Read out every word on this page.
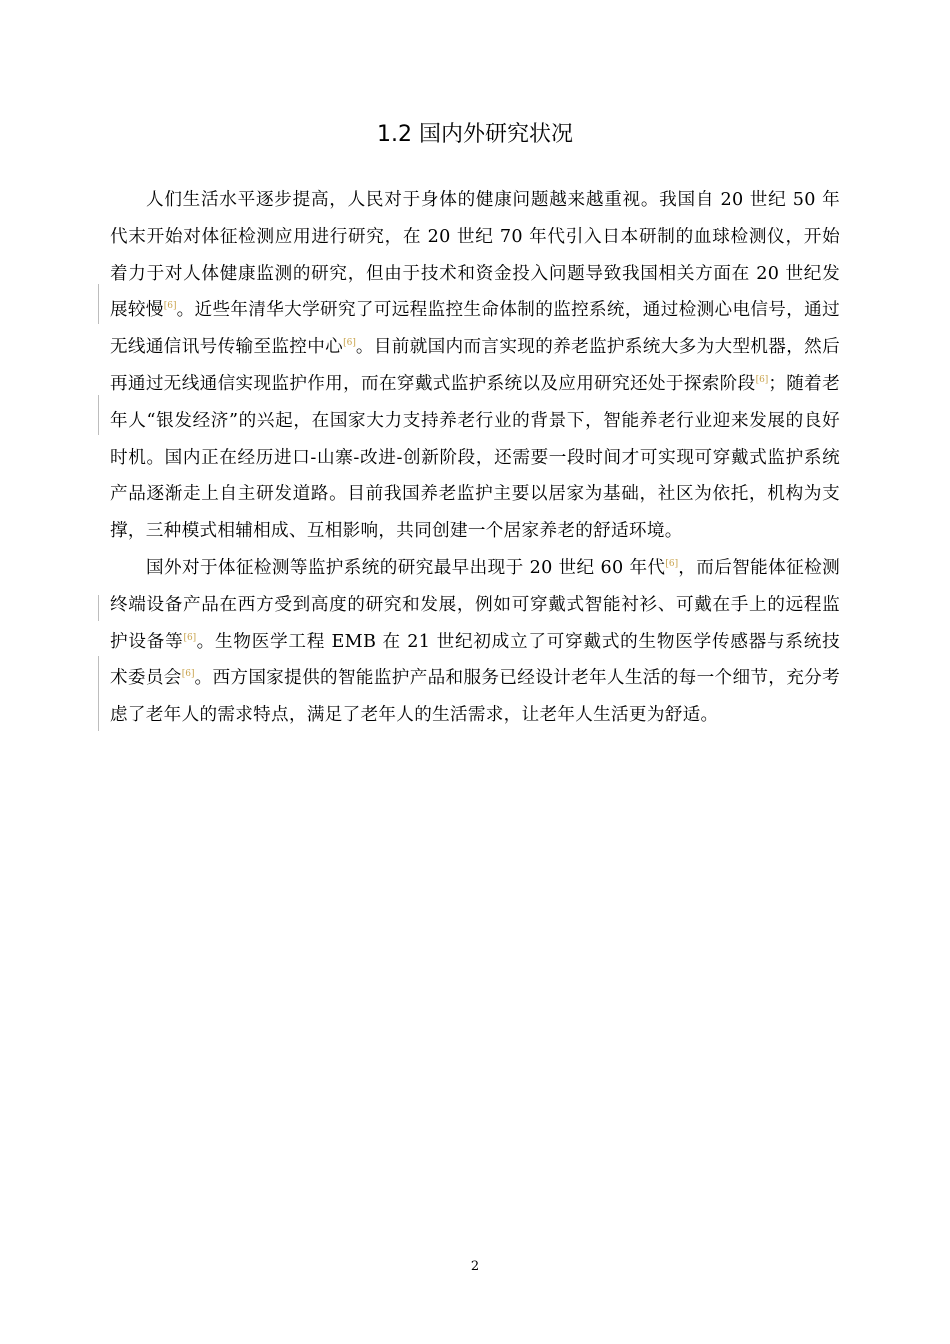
1.2 国内外研究状况

人们生活水平逐步提高，人民对于身体的健康问题越来越重视。我国自 20 世纪 50 年代末开始对体征检测应用进行研究，在 20 世纪 70 年代引入日本研制的血球检测仪，开始着力于对人体健康监测的研究，但由于技术和资金投入问题导致我国相关方面在 20 世纪发展较慢[6]。近些年清华大学研究了可远程监控生命体制的监控系统，通过检测心电信号，通过无线通信讯号传输至监控中心[6]。目前就国内而言实现的养老监护系统大多为大型机器，然后再通过无线通信实现监护作用，而在穿戴式监护系统以及应用研究还处于探索阶段[6]；随着老年人“银发经济”的兴起，在国家大力支持养老行业的背景下，智能养老行业迎来发展的良好时机。国内正在经历进口-山寨-改进-创新阶段，还需要一段时间才可实现可穿戴式监护系统产品逐渐走上自主研发道路。目前我国养老监护主要以居家为基础，社区为依托，机构为支撑，三种模式相辅相成、互相影响，共同创建一个居家养老的舒适环境。

国外对于体征检测等监护系统的研究最早出现于 20 世纪 60 年代[6]，而后智能体征检测终端设备产品在西方受到高度的研究和发展，例如可穿戴式智能衬衫、可戴在手上的远程监护设备等[6]。生物医学工程 EMB 在 21 世纪初成立了可穿戴式的生物医学传感器与系统技术委员会[6]。西方国家提供的智能监护产品和服务已经设计老年人生活的每一个细节，充分考虑了老年人的需求特点，满足了老年人的生活需求，让老年人生活更为舒适。

2
